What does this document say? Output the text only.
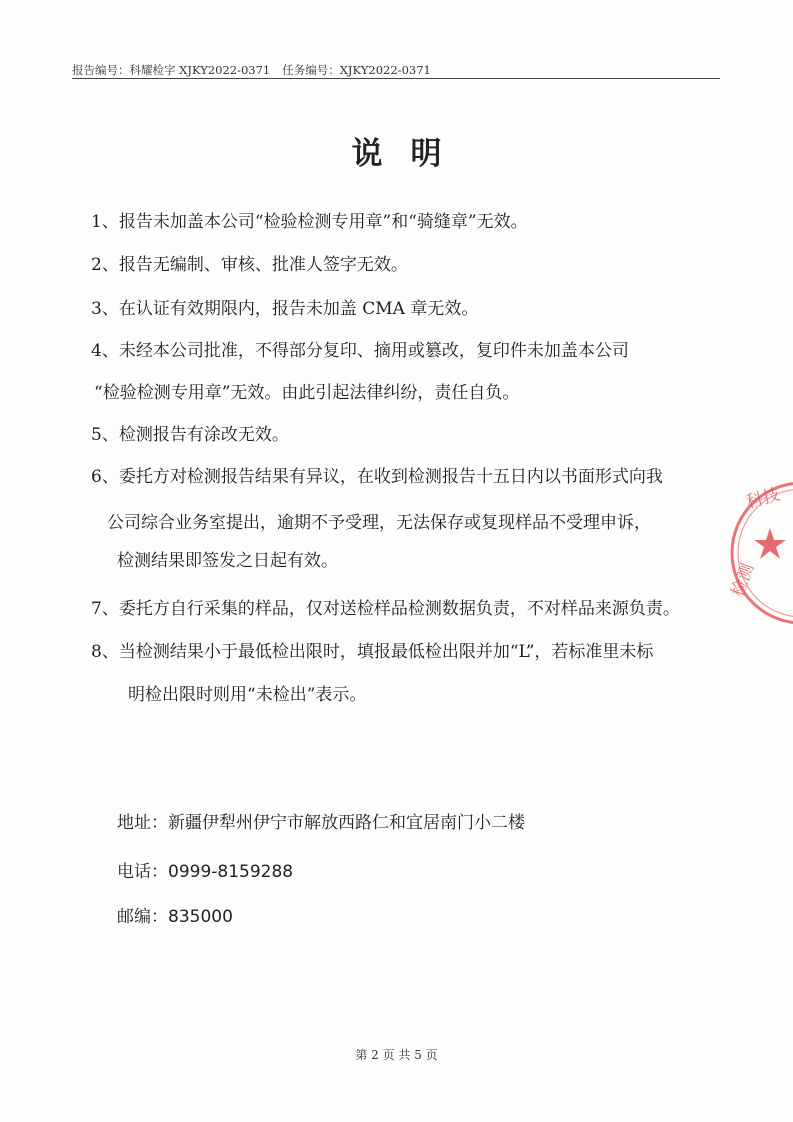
报告编号：科耀检字 XJKY2022-0371 任务编号：XJKY2022-0371
说明
1、报告未加盖本公司“检验检测专用章”和“骑缝章”无效。
2、报告无编制、审核、批准人签字无效。
3、在认证有效期限内，报告未加盖 CMA 章无效。
4、未经本公司批准，不得部分复印、摘用或篡改，复印件未加盖本公司
“检验检测专用章”无效。由此引起法律纠纷，责任自负。
5、检测报告有涂改无效。
6、委托方对检测报告结果有异议，在收到检测报告十五日内以书面形式向我
公司综合业务室提出，逾期不予受理，无法保存或复现样品不受理申诉，
检测结果即签发之日起有效。
7、委托方自行采集的样品，仅对送检样品检测数据负责，不对样品来源负责。
8、当检测结果小于最低检出限时，填报最低检出限并加“L”，若标准里未标
明检出限时则用“未检出”表示。
地址：新疆伊犁州伊宁市解放西路仁和宜居南门小二楼
电话：0999-8159288
邮编：835000
第 2 页 共 5 页
科技
检测
